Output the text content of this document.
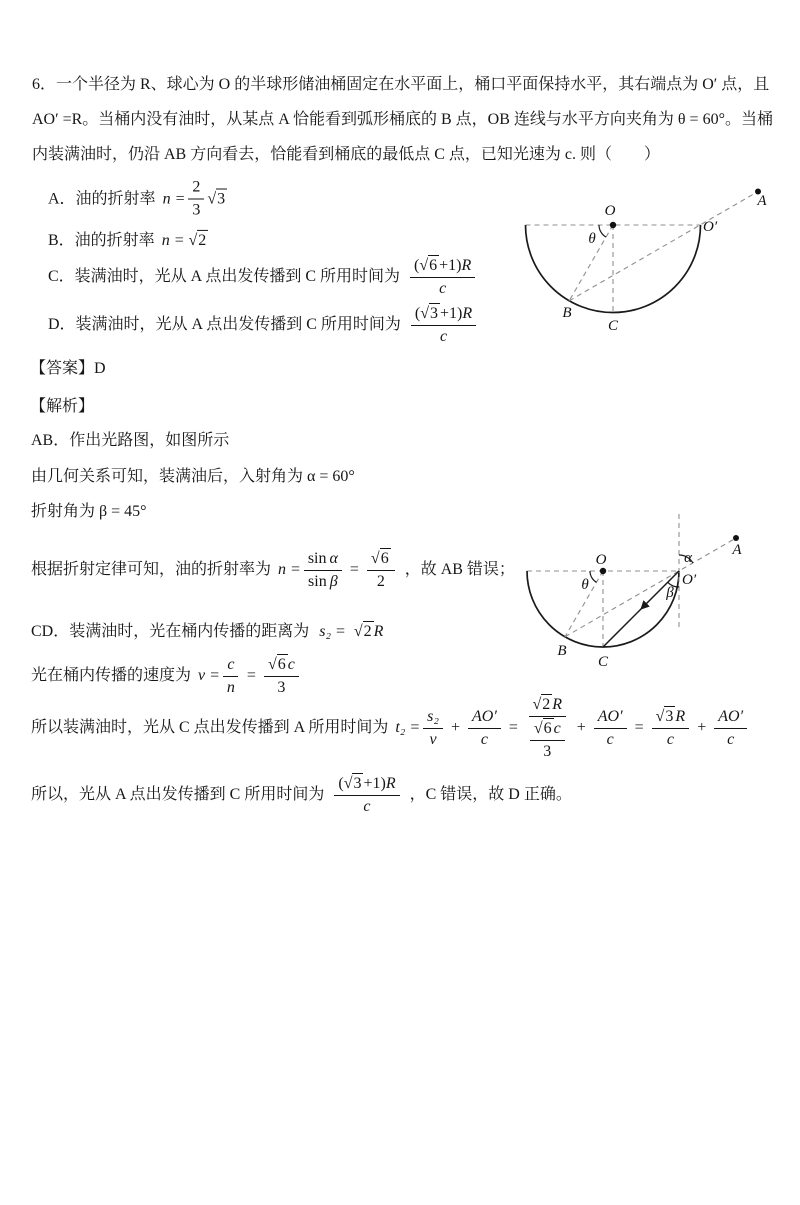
6．一个半径为 R、球心为 O 的半球形储油桶固定在水平面上，桶口平面保持水平，其右端点为 O′ 点，且
AO′ =R。当桶内没有油时，从某点 A 恰能看到弧形桶底的 B 点，OB 连线与水平方向夹角为 θ = 60°。当桶
内装满油时，仍沿 AB 方向看去，恰能看到桶底的最低点 C 点，已知光速为 c. 则（　　）
A．油的折射率 $n = \frac{2}{3}$ √ 3
B．油的折射率 n = √ 2
C．装满油时，光从 A 点出发传播到 C 所用时间为 $\frac{( √ 6 +1) R}{c}$
D．装满油时，光从 A 点出发传播到 C 所用时间为 $\frac{( √ 3 +1) R}{c}$
【答案】D
【解析】
AB．作出光路图，如图所示
由几何关系可知，装满油后，入射角为 α = 60°
折射角为 β = 45°
根据折射定律可知，油的折射率为 $n = \frac{\text{sin α}}{\text{sin β}} = \frac{√ 6}{2}$ ，故 AB 错误；
CD．装满油时，光在桶内传播的距离为 s₂ = √ 2 R
光在桶内传播的速度为 $v = \frac{c}{n} = \frac{√ 6 c}{3}$
所以装满油时，光从 C 点出发传播到 A 所用时间为 $t_2 = \frac{\text{s₂}}{v} + \frac{AO'}{c} = \frac{√ 2 R}{\frac{√ 6 c}{3}} + \frac{AO'}{c} = \frac{√ 3 R}{c} + \frac{AO'}{c}$
所以，光从 A 点出发传播到 C 所用时间为 $\frac{( √ 3 +1) R}{c}$ ，C 错误，故 D 正确。
O
O′
A
B
C
θ
O
O′
A
B
C
θ
α
β
